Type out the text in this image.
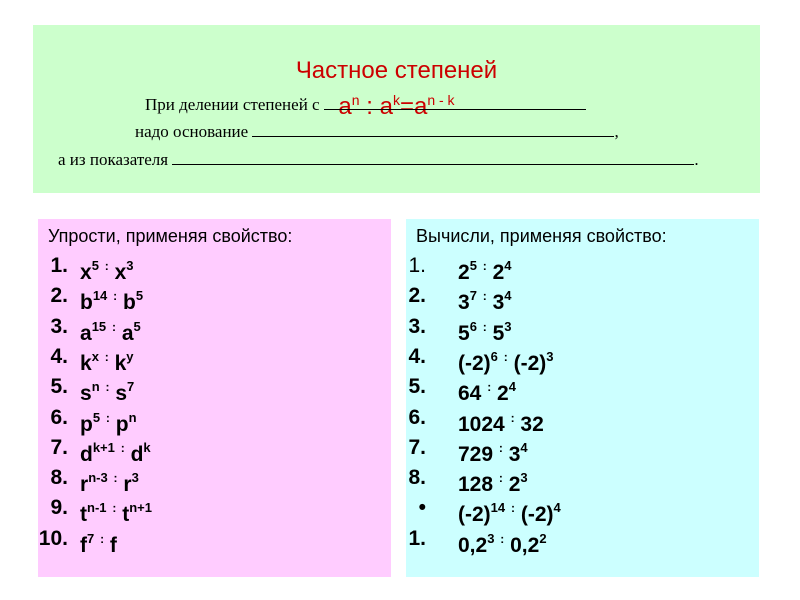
Частное степеней
$a^n$ : $a^k=a^{n - k}$
При делении степеней с
надо основание	,
а из показателя	.
Упрости, применяя свойство:
1. $x^5$ : $x^3$
2. $b^{14}$ : $b^5$
3. $a^{15}$ : $a^5$
4. $k^x$ : $k^y$
5. $s^n$ : $s^7$
6. $p^5$ : $p^n$
7. $d^{k+1}$ : $d^k$
8. $r^{n-3}$ : $r^3$
9. $t^{n-1}$ : $t^{n+1}$
10. $f^7$ : f
Вычисли, применяя свойство:
1. $2^5$ : $2^4$
2. $3^7$ : $3^4$
3. $5^6$ : $5^3$
4. $(-2)^6$ : $(-2)^3$
5. 64 : $2^4$
6. 1024 : 32
7. 729 : $3^4$
8. 128 : $2^3$
• $(-2)^{14}$ : $(-2)^4$
1. $0,2^3$ : $0,2^2$
